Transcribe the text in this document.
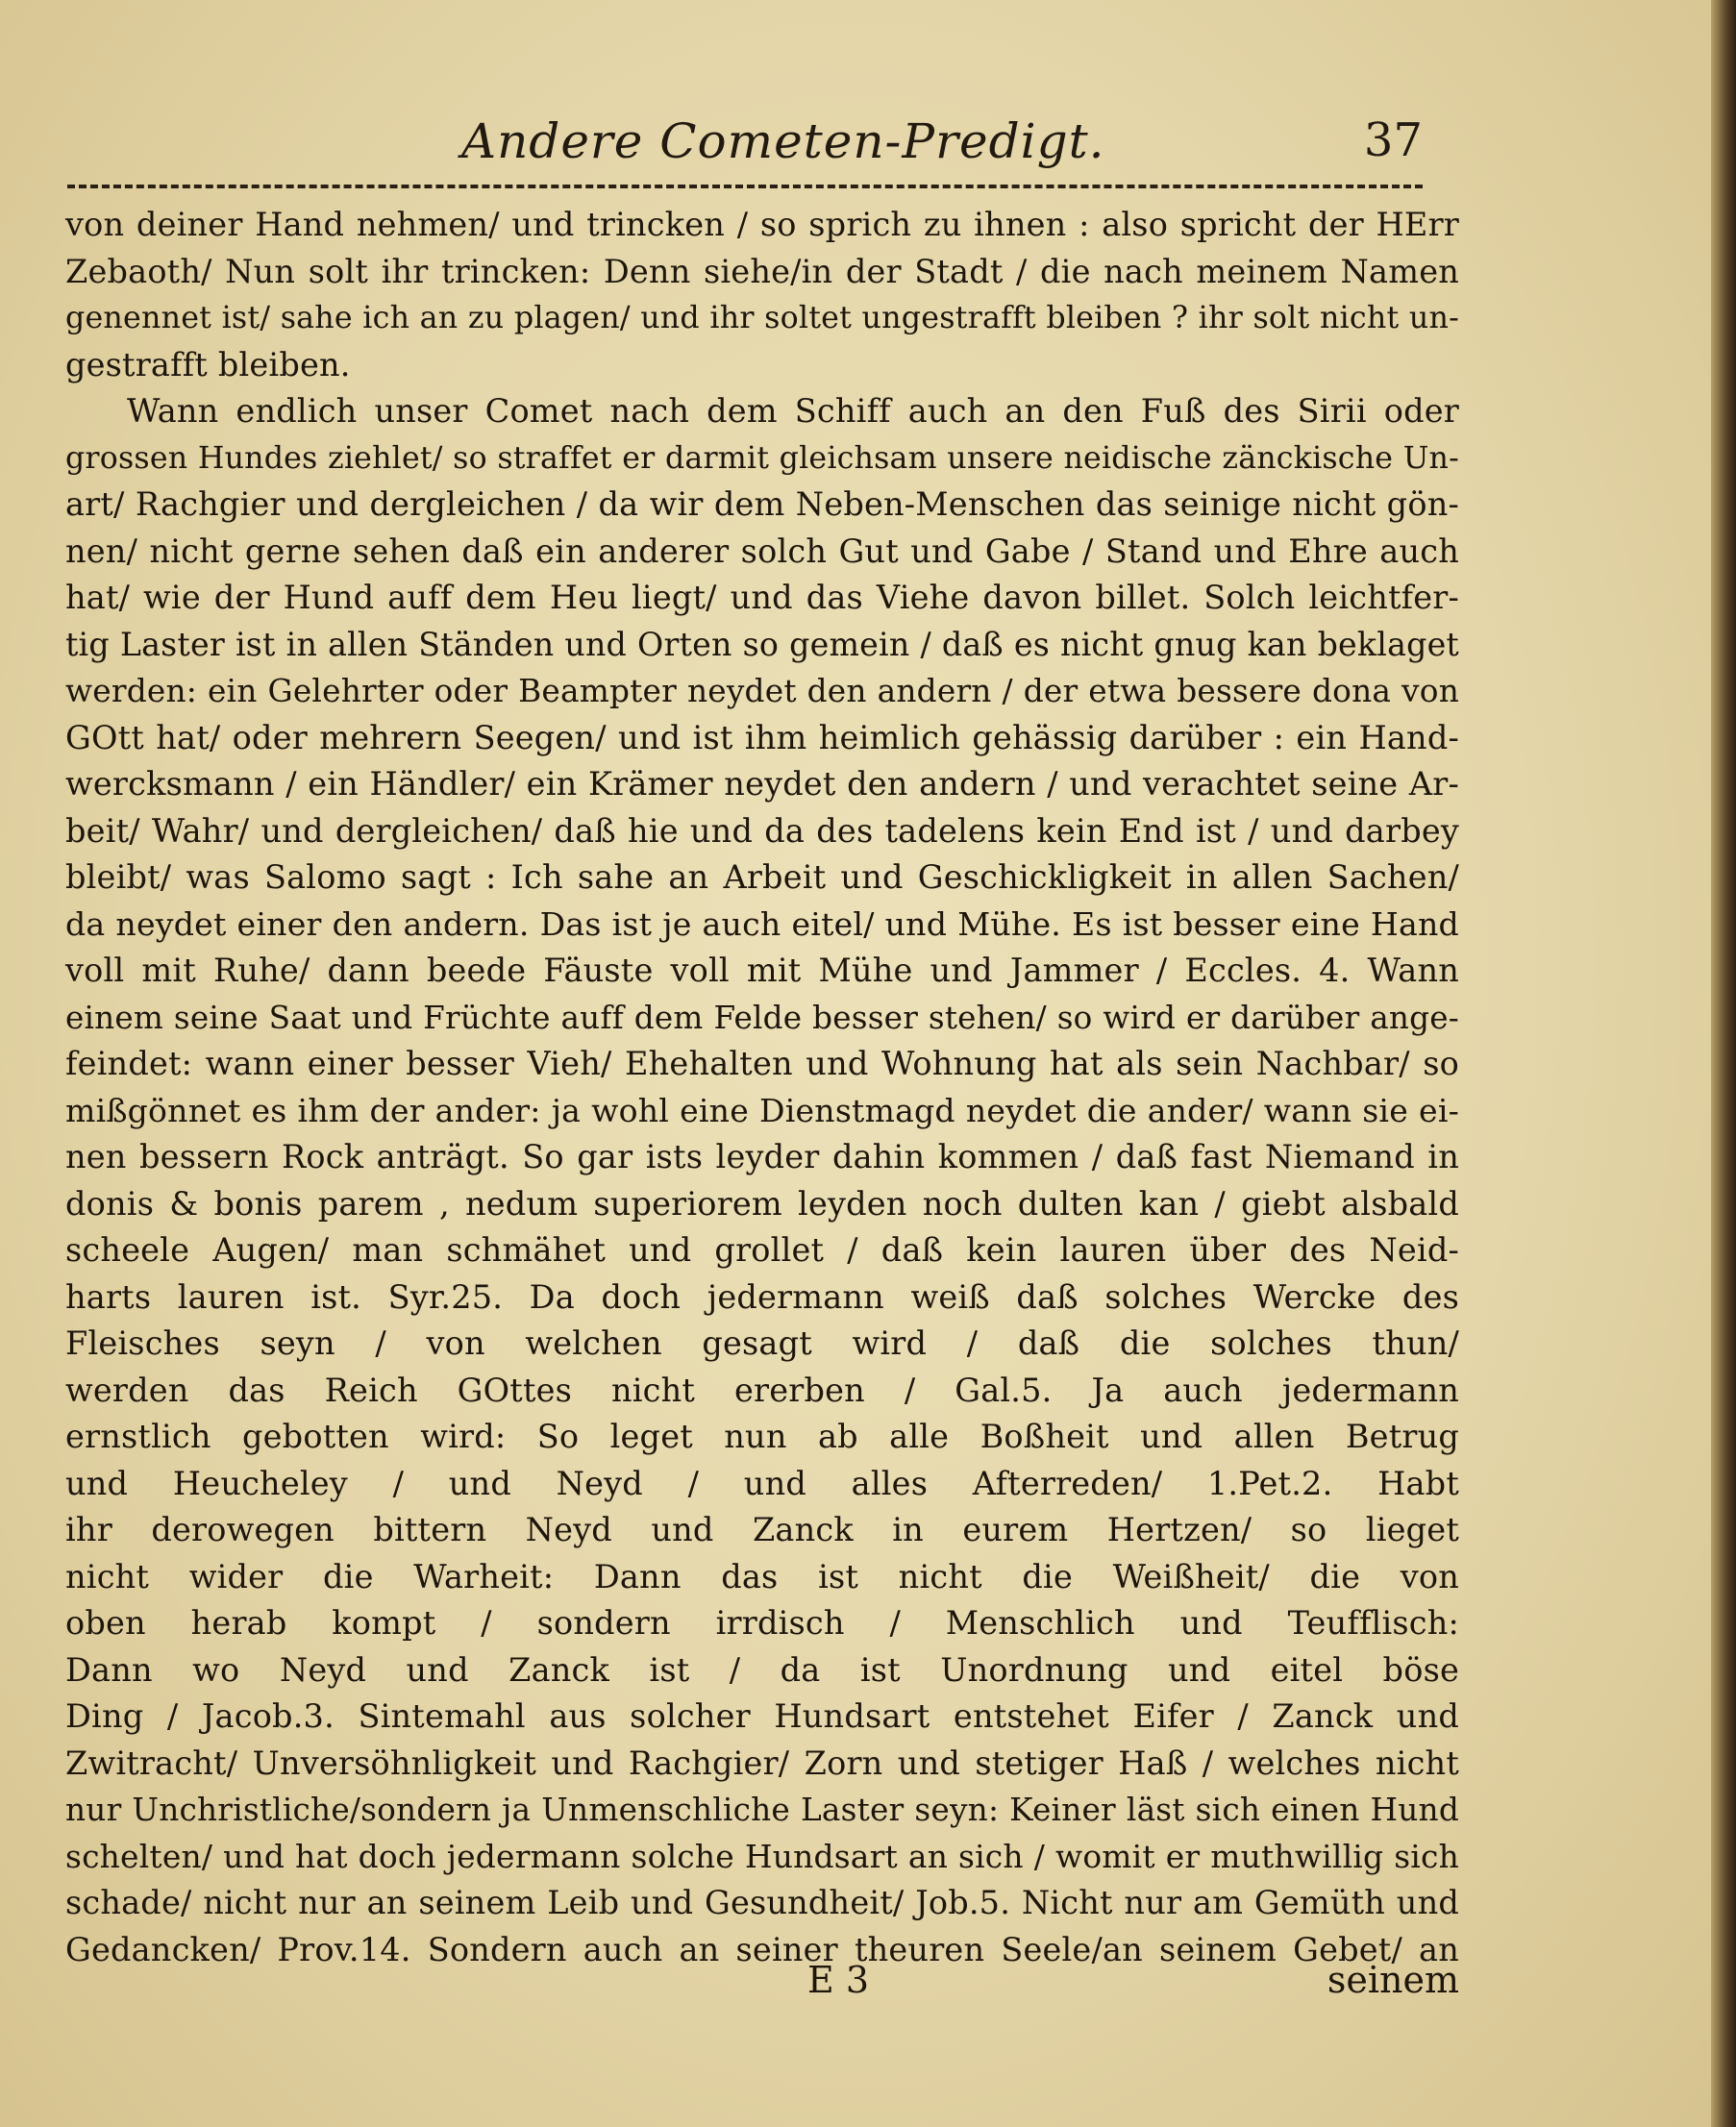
Andere Cometen-Predigt.	37
von deiner Hand nehmen/ und trincken / so sprich zu ihnen : also spricht der HErr
Zebaoth/ Nun solt ihr trincken: Denn siehe/in der Stadt / die nach meinem Namen
genennet ist/ sahe ich an zu plagen/ und ihr soltet ungestrafft bleiben ? ihr solt nicht un-
gestrafft bleiben.
Wann endlich unser Comet nach dem Schiff auch an den Fuß des Sirii oder
grossen Hundes ziehlet/ so straffet er darmit gleichsam unsere neidische zänckische Un-
art/ Rachgier und dergleichen / da wir dem Neben-Menschen das seinige nicht gön-
nen/ nicht gerne sehen daß ein anderer solch Gut und Gabe / Stand und Ehre auch
hat/ wie der Hund auff dem Heu liegt/ und das Viehe davon billet. Solch leichtfer-
tig Laster ist in allen Ständen und Orten so gemein / daß es nicht gnug kan beklaget
werden: ein Gelehrter oder Beampter neydet den andern / der etwa bessere dona von
GOtt hat/ oder mehrern Seegen/ und ist ihm heimlich gehässig darüber : ein Hand-
wercksmann / ein Händler/ ein Krämer neydet den andern / und verachtet seine Ar-
beit/ Wahr/ und dergleichen/ daß hie und da des tadelens kein End ist / und darbey
bleibt/ was Salomo sagt : Ich sahe an Arbeit und Geschickligkeit in allen Sachen/
da neydet einer den andern. Das ist je auch eitel/ und Mühe. Es ist besser eine Hand
voll mit Ruhe/ dann beede Fäuste voll mit Mühe und Jammer / Eccles. 4. Wann
einem seine Saat und Früchte auff dem Felde besser stehen/ so wird er darüber ange-
feindet: wann einer besser Vieh/ Ehehalten und Wohnung hat als sein Nachbar/ so
mißgönnet es ihm der ander: ja wohl eine Dienstmagd neydet die ander/ wann sie ei-
nen bessern Rock anträgt. So gar ists leyder dahin kommen / daß fast Niemand in
donis & bonis parem , nedum superiorem leyden noch dulten kan / giebt alsbald
scheele Augen/ man schmähet und grollet / daß kein lauren über des Neid-
harts lauren ist. Syr.25. Da doch jedermann weiß daß solches Wercke des
Fleisches seyn / von welchen gesagt wird / daß die solches thun/
werden das Reich GOttes nicht ererben / Gal.5. Ja auch jedermann
ernstlich gebotten wird: So leget nun ab alle Boßheit und allen Betrug
und Heucheley / und Neyd / und alles Afterreden/ 1.Pet.2. Habt
ihr derowegen bittern Neyd und Zanck in eurem Hertzen/ so lieget
nicht wider die Warheit: Dann das ist nicht die Weißheit/ die von
oben herab kompt / sondern irrdisch / Menschlich und Teufflisch:
Dann wo Neyd und Zanck ist / da ist Unordnung und eitel böse
Ding / Jacob.3. Sintemahl aus solcher Hundsart entstehet Eifer / Zanck und
Zwitracht/ Unversöhnligkeit und Rachgier/ Zorn und stetiger Haß / welches nicht
nur Unchristliche/sondern ja Unmenschliche Laster seyn: Keiner läst sich einen Hund
schelten/ und hat doch jedermann solche Hundsart an sich / womit er muthwillig sich
schade/ nicht nur an seinem Leib und Gesundheit/ Job.5. Nicht nur am Gemüth und
Gedancken/ Prov.14. Sondern auch an seiner theuren Seele/an seinem Gebet/ an
E 3	seinem
